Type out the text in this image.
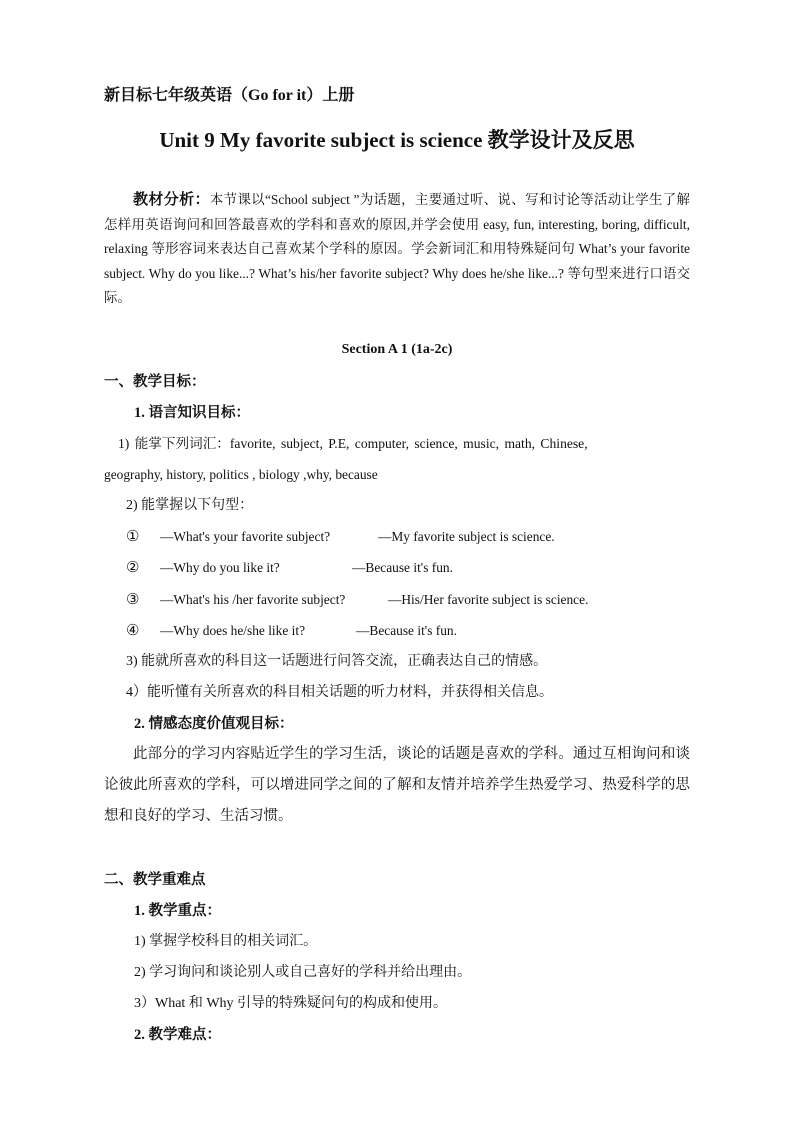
新目标七年级英语（Go for it）上册
Unit 9 My favorite subject is science 教学设计及反思
教材分析：本节课以“School subject ”为话题，主要通过听、说、写和讨论等活动让学生了解怎样用英语询问和回答最喜欢的学科和喜欢的原因,并学会使用 easy, fun, interesting, boring, difficult, relaxing 等形容词来表达自己喜欢某个学科的原因。学会新词汇和用特殊疑问句 What’s your favorite subject. Why do you like...? What’s his/her favorite subject? Why does he/she like...? 等句型来进行口语交际。
Section A 1 (1a-2c)
一、教学目标：
1. 语言知识目标：
1) 能掌下列词汇：favorite, subject, P.E, computer, science, music, math, Chinese,
geography, history, politics , biology ,why, because
2) 能掌握以下句型：
① —What's your favorite subject?	—My favorite subject is science.
② —Why do you like it?	—Because it's fun.
③ —What's his /her favorite subject?	—His/Her favorite subject is science.
④ —Why does he/she like it?	—Because it's fun.
3) 能就所喜欢的科目这一话题进行问答交流，正确表达自己的情感。
4）能听懂有关所喜欢的科目相关话题的听力材料，并获得相关信息。
2. 情感态度价值观目标：
此部分的学习内容贴近学生的学习生活，谈论的话题是喜欢的学科。通过互相询问和谈论彼此所喜欢的学科，可以增进同学之间的了解和友情并培养学生热爱学习、热爱科学的思想和良好的学习、生活习惯。
二、教学重难点
1. 教学重点：
1) 掌握学校科目的相关词汇。
2) 学习询问和谈论别人或自己喜好的学科并给出理由。
3）What 和 Why 引导的特殊疑问句的构成和使用。
2. 教学难点：
